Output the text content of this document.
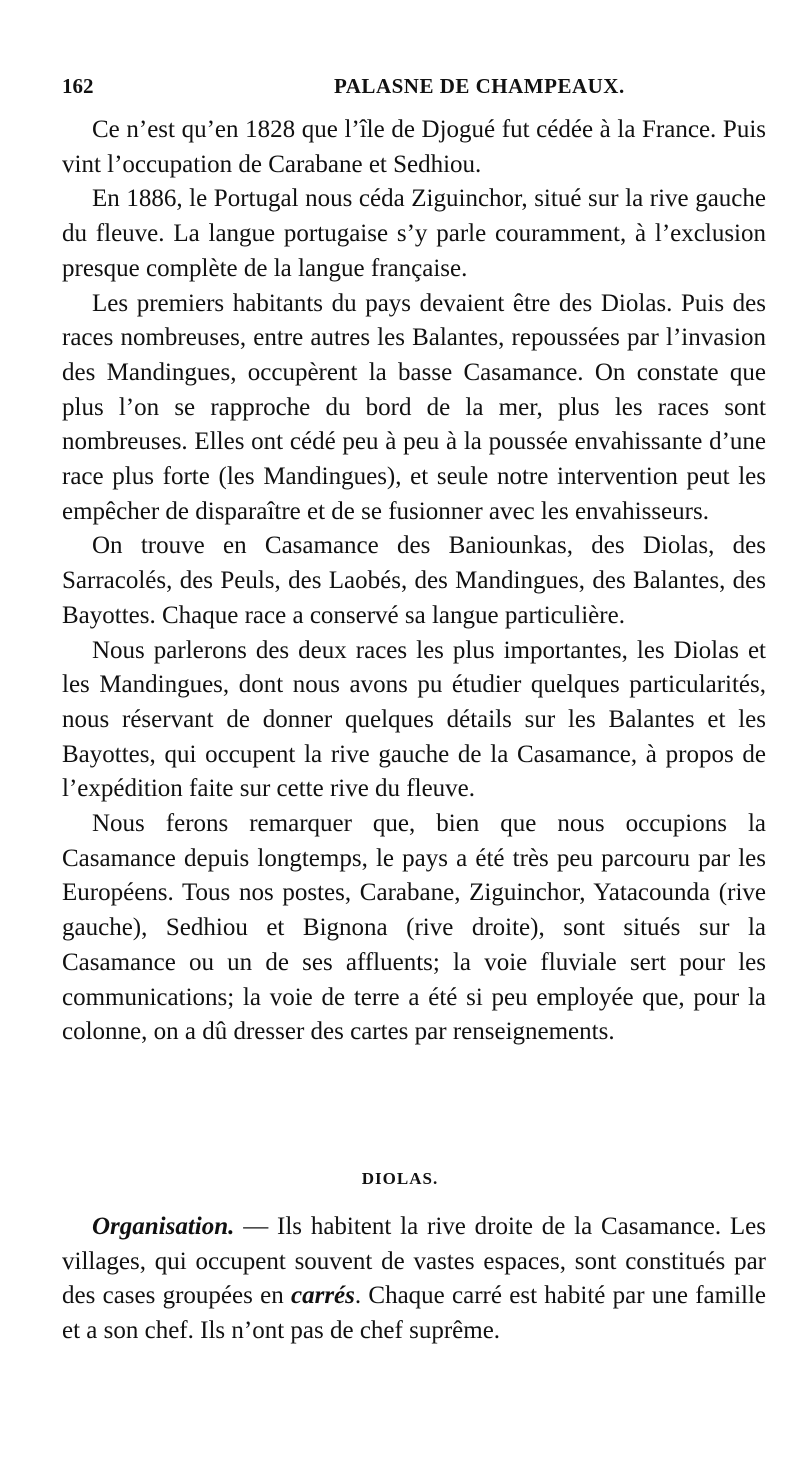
162	PALASNE DE CHAMPEAUX.

Ce n’est qu’en 1828 que l’île de Djogué fut cédée à la France. Puis vint l’occupation de Carabane et Sedhiou.

En 1886, le Portugal nous céda Ziguinchor, situé sur la rive gauche du fleuve. La langue portugaise s’y parle couramment, à l’exclusion presque complète de la langue française.

Les premiers habitants du pays devaient être des Diolas. Puis des races nombreuses, entre autres les Balantes, repoussées par l’invasion des Mandingues, occupèrent la basse Casamance. On constate que plus l’on se rapproche du bord de la mer, plus les races sont nombreuses. Elles ont cédé peu à peu à la poussée envahissante d’une race plus forte (les Mandingues), et seule notre intervention peut les empêcher de disparaître et de se fusionner avec les envahisseurs.

On trouve en Casamance des Baniounkas, des Diolas, des Sarracolés, des Peuls, des Laobés, des Mandingues, des Balantes, des Bayottes. Chaque race a conservé sa langue particulière.

Nous parlerons des deux races les plus importantes, les Diolas et les Mandingues, dont nous avons pu étudier quelques particularités, nous réservant de donner quelques détails sur les Balantes et les Bayottes, qui occupent la rive gauche de la Casamance, à propos de l’expédition faite sur cette rive du fleuve.

Nous ferons remarquer que, bien que nous occupions la Casamance depuis longtemps, le pays a été très peu parcouru par les Européens. Tous nos postes, Carabane, Ziguinchor, Yatacounda (rive gauche), Sedhiou et Bignona (rive droite), sont situés sur la Casamance ou un de ses affluents; la voie fluviale sert pour les communications; la voie de terre a été si peu employée que, pour la colonne, on a dû dresser des cartes par renseignements.

DIOLAS.

Organisation. — Ils habitent la rive droite de la Casamance. Les villages, qui occupent souvent de vastes espaces, sont constitués par des cases groupées en carrés. Chaque carré est habité par une famille et a son chef. Ils n’ont pas de chef suprême.
